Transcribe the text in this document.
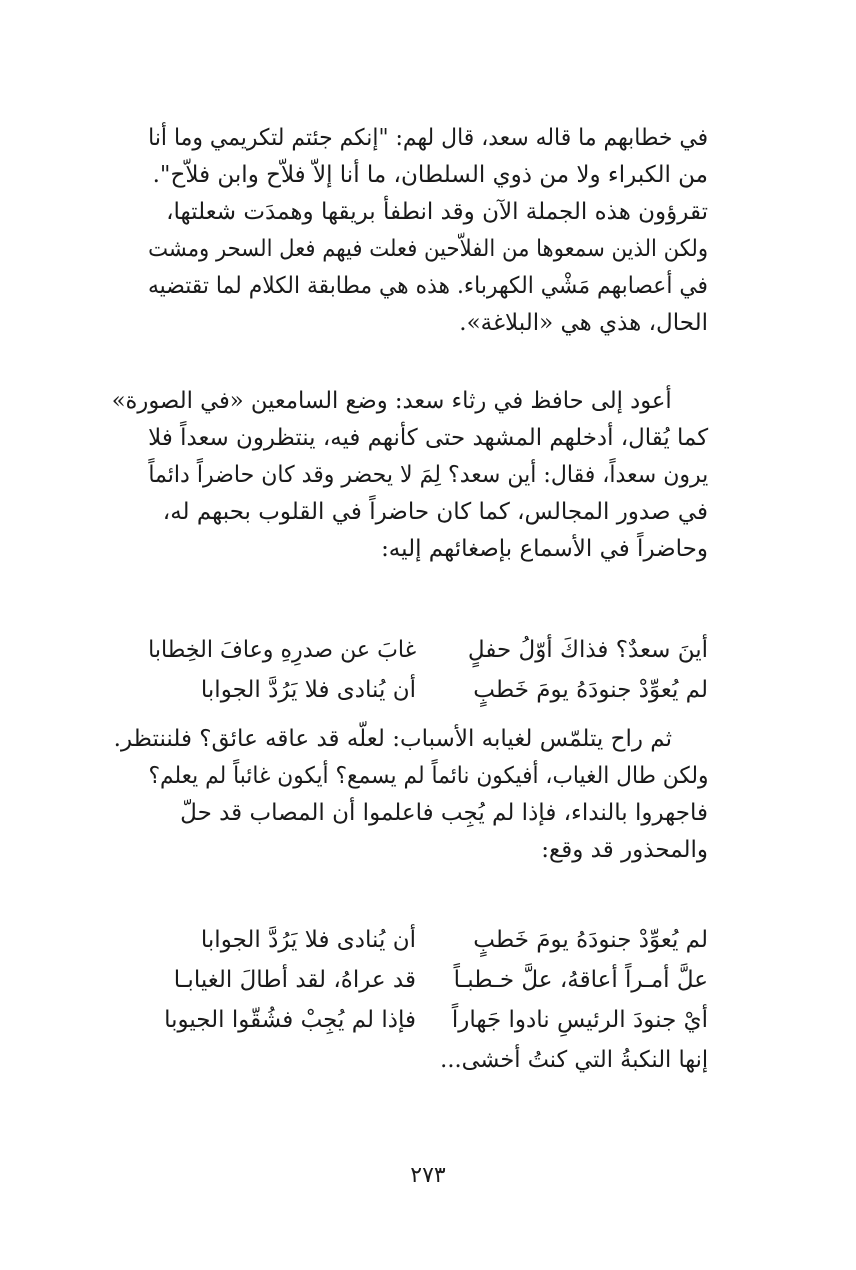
في خطابهم ما قاله سعد، قال لهم: "إنكم جئتم لتكريمي وما أنا
من الكبراء ولا من ذوي السلطان، ما أنا إلاّ فلاّح وابن فلاّح".
تقرؤون هذه الجملة الآن وقد انطفأ بريقها وهمدَت شعلتها،
ولكن الذين سمعوها من الفلاّحين فعلت فيهم فعل السحر ومشت
في أعصابهم مَشْي الكهرباء. هذه هي مطابقة الكلام لما تقتضيه
الحال، هذي هي «البلاغة».
أعود إلى حافظ في رثاء سعد: وضع السامعين «في الصورة»
كما يُقال، أدخلهم المشهد حتى كأنهم فيه، ينتظرون سعداً فلا
يرون سعداً، فقال: أين سعد؟ لِمَ لا يحضر وقد كان حاضراً دائماً
في صدور المجالس، كما كان حاضراً في القلوب بحبهم له،
وحاضراً في الأسماع بإصغائهم إليه:
أينَ سعدٌ؟ فذاكَ أوّلُ حفلٍ
غابَ عن صدرِهِ وعافَ الخِطابا
لم يُعوِّدْ جنودَهُ يومَ خَطبٍ
أن يُنادى فلا يَرُدَّ الجوابا
ثم راح يتلمّس لغيابه الأسباب: لعلّه قد عاقه عائق؟ فلننتظر.
ولكن طال الغياب، أفيكون نائماً لم يسمع؟ أيكون غائباً لم يعلم؟
فاجهروا بالنداء، فإذا لم يُجِب فاعلموا أن المصاب قد حلّ
والمحذور قد وقع:
لم يُعوِّدْ جنودَهُ يومَ خَطبٍ
أن يُنادى فلا يَرُدَّ الجوابا
علَّ أمـراً أعاقهُ، علَّ خـطبـاً
قد عراهُ، لقد أطالَ الغيابـا
أيْ جنودَ الرئيسِ نادوا جَهاراً
فإذا لم يُجِبْ فشُقّوا الجيوبا
إنها النكبةُ التي كنتُ أخشى...
٢٧٣
